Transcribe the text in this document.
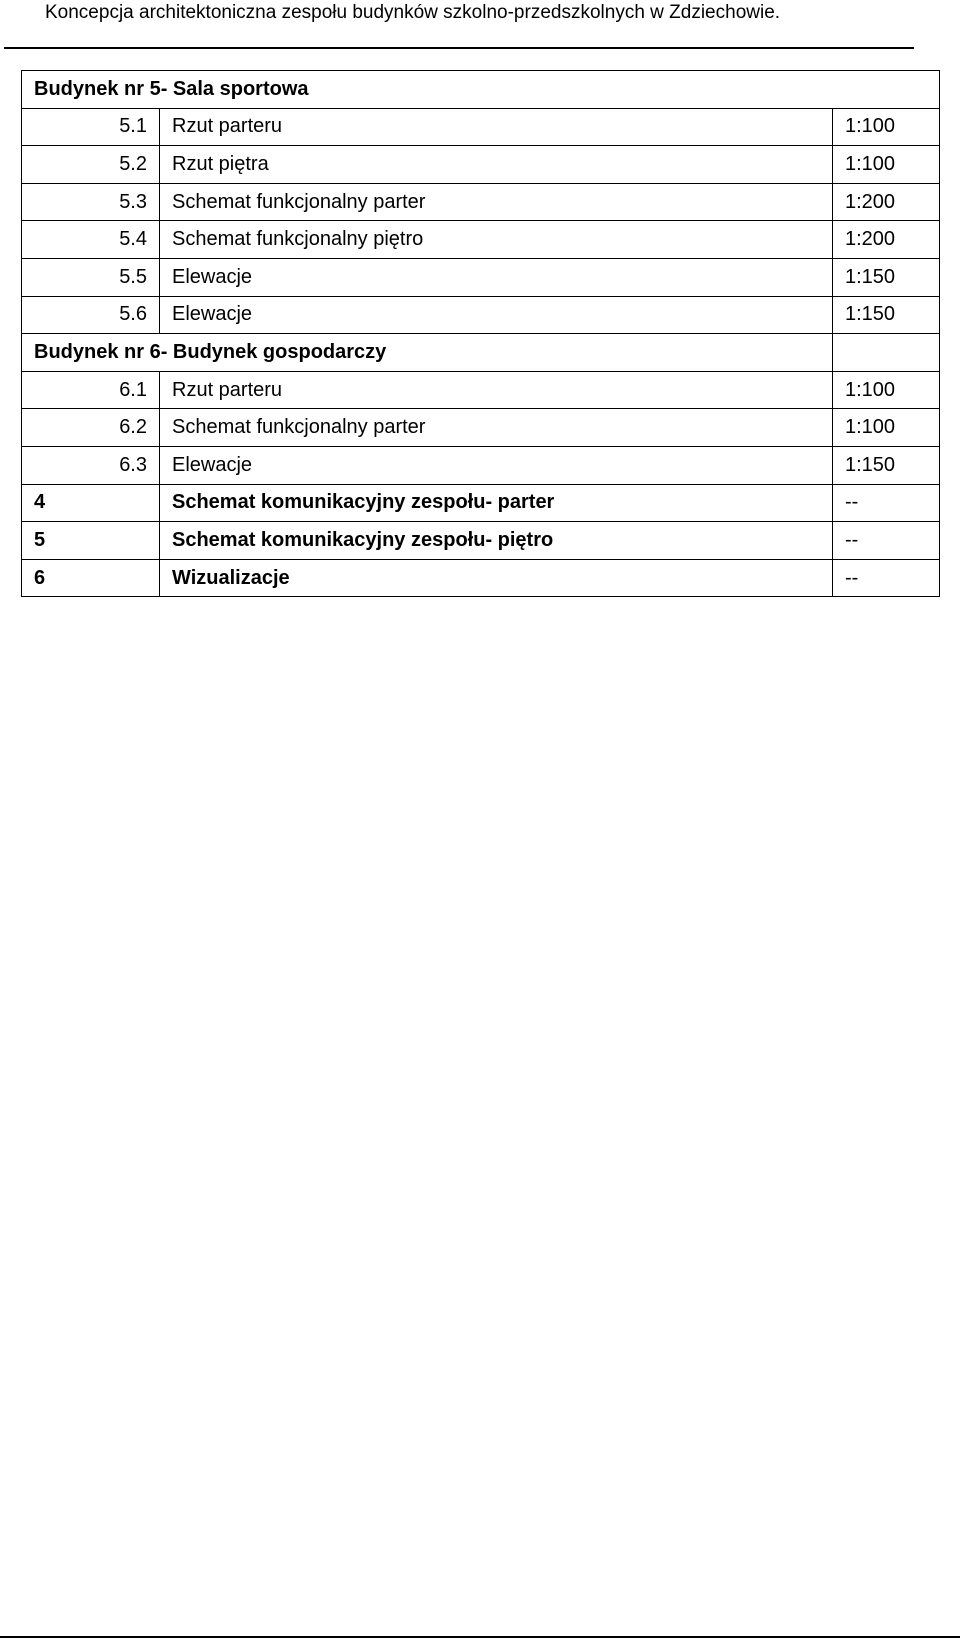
Koncepcja architektoniczna zespołu budynków szkolno-przedszkolnych w Zdziechowie.
Budynek nr 5- Sala sportowa		
5.1	Rzut parteru	1:100
5.2	Rzut piętra	1:100
5.3	Schemat funkcjonalny parter	1:200
5.4	Schemat funkcjonalny piętro	1:200
5.5	Elewacje	1:150
5.6	Elewacje	1:150
Budynek nr 6- Budynek gospodarczy		
6.1	Rzut parteru	1:100
6.2	Schemat funkcjonalny parter	1:100
6.3	Elewacje	1:150
4	Schemat komunikacyjny zespołu- parter	--
5	Schemat komunikacyjny zespołu- piętro	--
6	Wizualizacje	--
